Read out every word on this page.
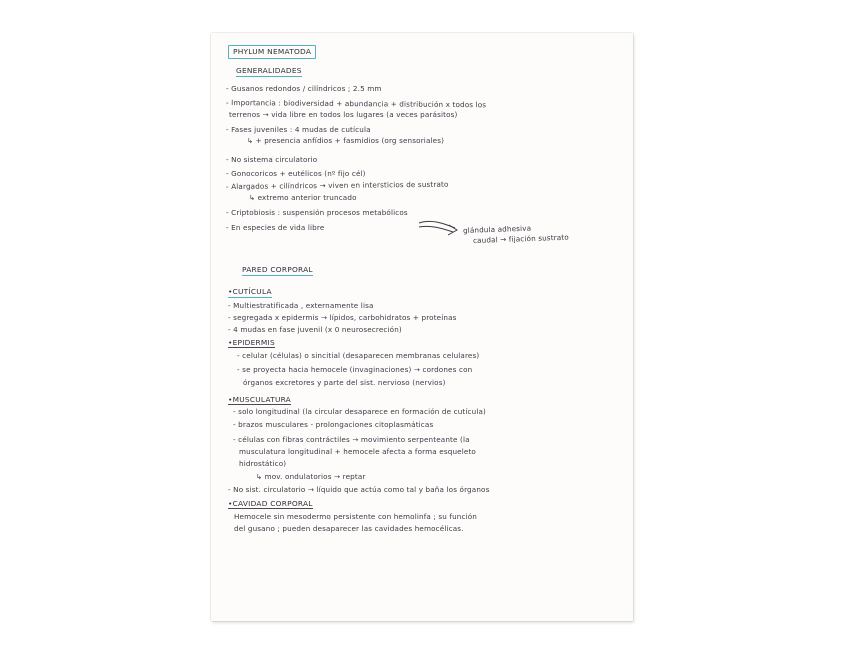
PHYLUM NEMATODA
GENERALIDADES
- Gusanos redondos / cilíndricos ; 2.5 mm
- Importancia : biodiversidad + abundancia + distribución x todos los
terrenos → vida libre en todos los lugares (a veces parásitos)
- Fases juveniles : 4 mudas de cutícula
↳ + presencia anfídios + fasmidios (org sensoriales)
- No sistema circulatorio
- Gonocoricos + eutélicos (nº fijo cél)
- Alargados + cilíndricos → viven en intersticios de sustrato
↳ extremo anterior truncado
- Criptobiosis : suspensión procesos metabólicos
- En especies de vida libre	glándula adhesiva
caudal → fijación sustrato
PARED CORPORAL
•CUTÍCULA
- Multiestratificada , externamente lisa
- segregada x epidermis → lípidos, carbohidratos + proteínas
- 4 mudas en fase juvenil (x 0 neurosecreción)
•EPIDERMIS
- celular (células) o sincitial (desaparecen membranas celulares)
- se proyecta hacia hemocele (invaginaciones) → cordones con
órganos excretores y parte del sist. nervioso (nervios)
•MUSCULATURA
- solo longitudinal (la circular desaparece en formación de cutícula)
- brazos musculares - prolongaciones citoplasmáticas
- células con fibras contráctiles → movimiento serpenteante (la
musculatura longitudinal + hemocele afecta a forma esqueleto
hidrostático)
↳ mov. ondulatorios → reptar
- No sist. circulatorio → líquido que actúa como tal y baña los órganos
•CAVIDAD CORPORAL
Hemocele sin mesodermo persistente con hemolinfa ; su función
del gusano ; pueden desaparecer las cavidades hemocélicas.
